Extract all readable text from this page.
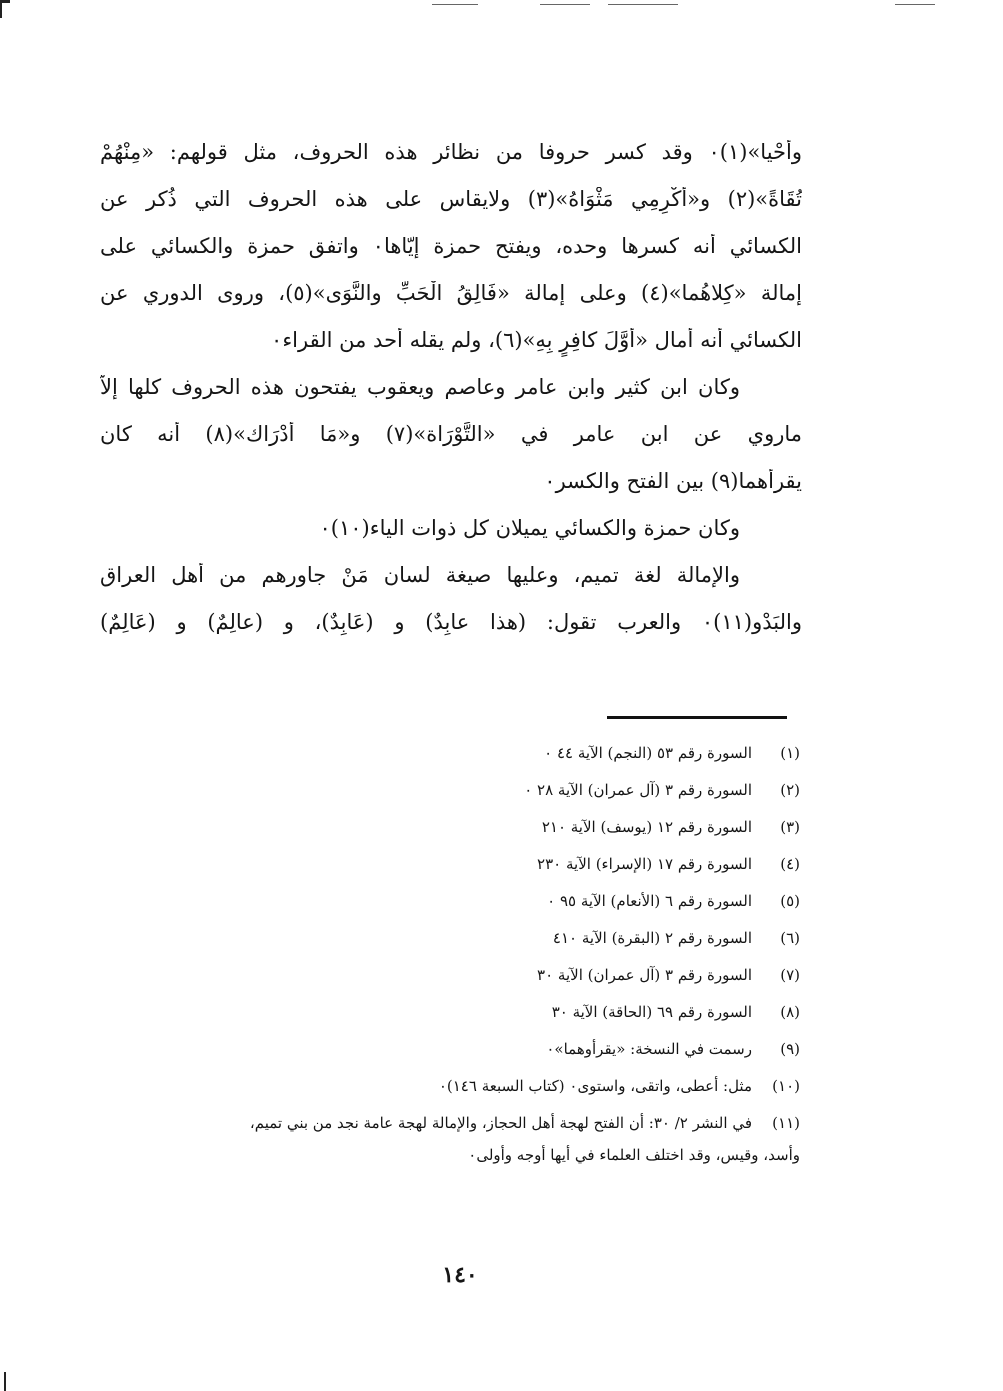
وأحْيا»(١)٠ وقد كسر حروفا من نظائر هذه الحروف، مثل قولهم: «مِنْهُمْ
تُقَاةً»(٢) و«أكْرِمِي مَثْوَاهُ»(٣) ولايقاس على هذه الحروف التي ذُكر عن
الكسائي أنه كسرها وحده، ويفتح حمزة إيّاها٠ واتفق حمزة والكسائي على
إمالة «كِلاهُما»(٤) وعلى إمالة «فَالِقُ الْحَبِّ والنَّوَى»(٥)، وروى الدوري عن
الكسائي أنه أمال «أوَّلَ كافِرٍ بِهِ»(٦)، ولم يقله أحد من القراء٠
وكان ابن كثير وابن عامر وعاصم ويعقوب يفتحون هذه الحروف كلها إلاّ
ماروي عن ابن عامر في «التَّوْرَاة»(٧) و«مَا أدْرَاك»(٨) أنه كان
يقرأهما(٩) بين الفتح والكسر٠
وكان حمزة والكسائي يميلان كل ذوات الياء(١٠)٠
والإمالة لغة تميم، وعليها صيغة لسان مَنْ جاورهم من أهل العراق
والبَدْو(١١)٠ والعرب تقول: (هذا عابِدٌ) و (عَابِدٌ)، و (عالِمٌ) و (عَالِمٌ)
(١)السورة رقم ٥٣ (النجم) الآية ٤٤ ٠
(٢)السورة رقم ٣ (آل عمران) الآية ٢٨ ٠
(٣)السورة رقم ١٢ (يوسف) الآية ٢١٠
(٤)السورة رقم ١٧ (الإسراء) الآية ٢٣٠
(٥)السورة رقم ٦ (الأنعام) الآية ٩٥ ٠
(٦)السورة رقم ٢ (البقرة) الآية ٤١٠
(٧)السورة رقم ٣ (آل عمران) الآية ٣٠
(٨)السورة رقم ٦٩ (الحاقة) الآية ٣٠
(٩)رسمت في النسخة: «يقرأوهما»٠
(١٠)مثل: أعطى، واتقى، واستوى٠ (كتاب السبعة ١٤٦)٠
(١١)في النشر ٢/ ٣٠: أن الفتح لهجة أهل الحجاز، والإمالة لهجة عامة نجد من بني تميم،
وأسد، وقيس، وقد اختلف العلماء في أيها أوجه وأولى٠
١٤٠
